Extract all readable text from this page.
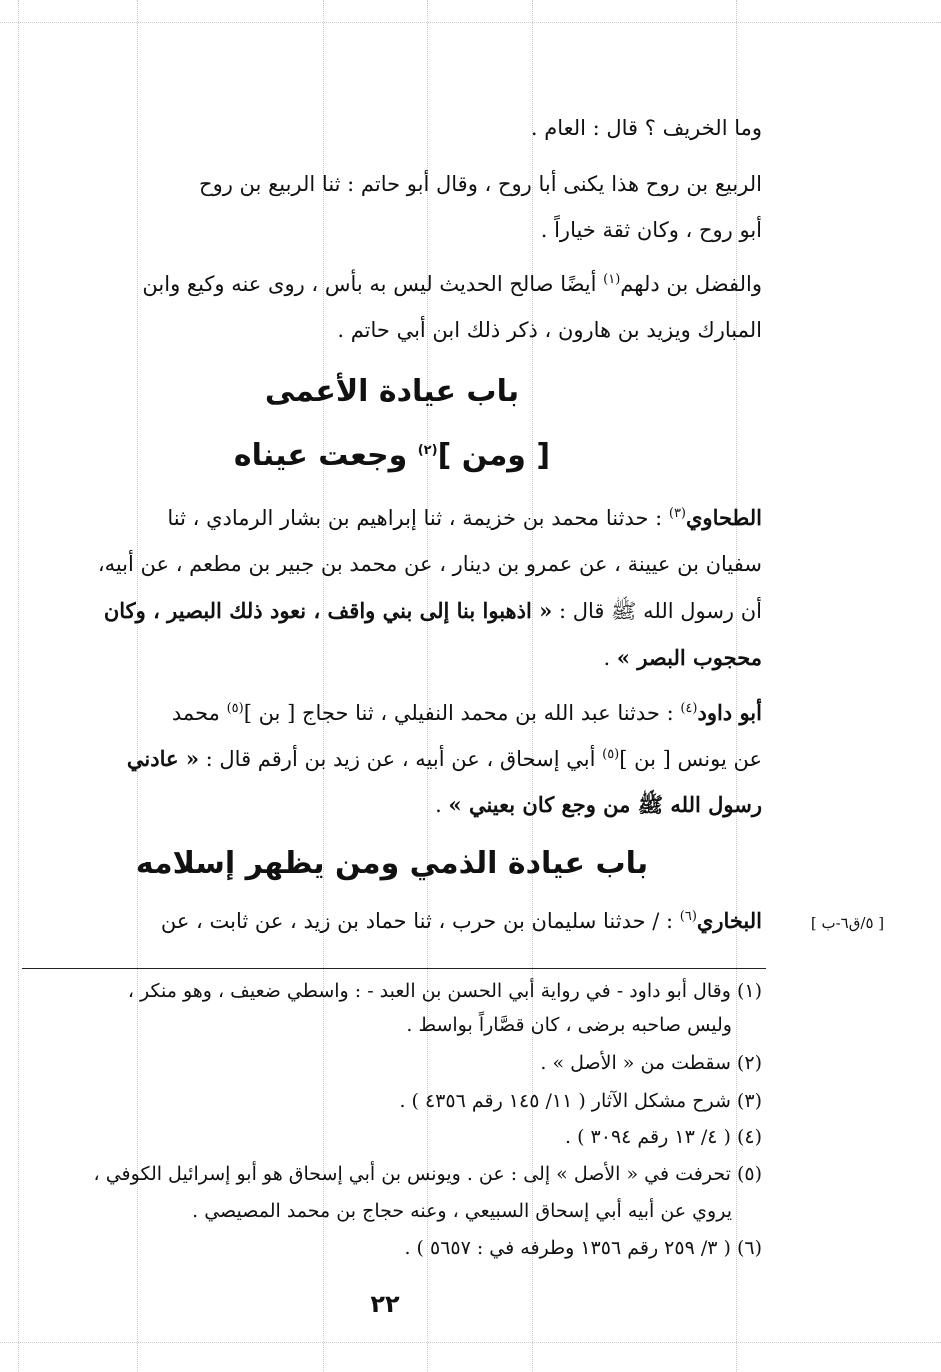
وما الخريف ؟ قال : العام .
الربيع بن روح هذا يكنى أبا روح ، وقال أبو حاتم : ثنا الربيع بن روح
أبو روح ، وكان ثقة خياراً .
والفضل بن دلهم$^{(١)}$ أيضًا صالح الحديث ليس به بأس ، روى عنه وكيع وابن
المبارك ويزيد بن هارون ، ذكر ذلك ابن أبي حاتم .
باب عيادة الأعمى
[ ومن ]$^{(٢)}$ وجعت عيناه
الطحاوي$^{(٣)}$ : حدثنا محمد بن خزيمة ، ثنا إبراهيم بن بشار الرمادي ، ثنا
سفيان بن عيينة ، عن عمرو بن دينار ، عن محمد بن جبير بن مطعم ، عن أبيه،
أن رسول الله ﷺ قال : « اذهبوا بنا إلى بني واقف ، نعود ذلك البصير ، وكان
محجوب البصر » .
أبو داود$^{(٤)}$ : حدثنا عبد الله بن محمد النفيلي ، ثنا حجاج [ بن ]$^{(٥)}$ محمد
عن يونس [ بن ]$^{(٥)}$ أبي إسحاق ، عن أبيه ، عن زيد بن أرقم قال : « عادني
رسول الله ﷺ من وجع كان بعيني » .
باب عيادة الذمي ومن يظهر إسلامه
[ ٥/ق٦-ب ]
البخاري$^{(٦)}$ : / حدثنا سليمان بن حرب ، ثنا حماد بن زيد ، عن ثابت ، عن
(١) وقال أبو داود - في رواية أبي الحسن بن العبد - : واسطي ضعيف ، وهو منكر ،
وليس صاحبه برضى ، كان قصَّاراً بواسط .
(٢) سقطت من « الأصل » .
(٣) شرح مشكل الآثار ( ١١/ ١٤٥ رقم ٤٣٥٦ ) .
(٤) ( ٤/ ١٣ رقم ٣٠٩٤ ) .
(٥) تحرفت في « الأصل » إلى : عن . ويونس بن أبي إسحاق هو أبو إسرائيل الكوفي ،
يروي عن أبيه أبي إسحاق السبيعي ، وعنه حجاج بن محمد المصيصي .
(٦) ( ٣/ ٢٥٩ رقم ١٣٥٦ وطرفه في : ٥٦٥٧ ) .
٢٢
